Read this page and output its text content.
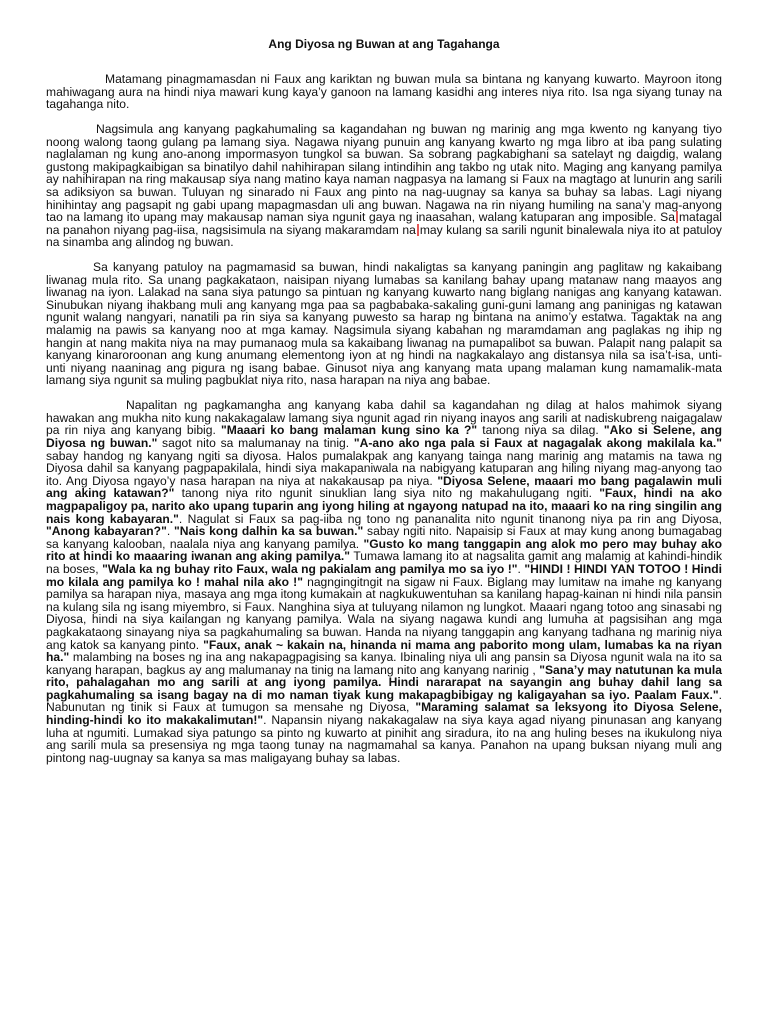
Ang Diyosa ng Buwan at ang Tagahanga

Matamang pinagmamasdan ni Faux ang kariktan ng buwan mula sa bintana ng kanyang kuwarto. Mayroon itong mahiwagang aura na hindi niya mawari kung kaya’y ganoon na lamang kasidhi ang interes niya rito. Isa nga siyang tunay na tagahanga nito.

Nagsimula ang kanyang pagkahumaling sa kagandahan ng buwan ng marinig ang mga kwento ng kanyang tiyo noong walong taong gulang pa lamang siya. Nagawa niyang punuin ang kanyang kwarto ng mga libro at iba pang sulating naglalaman ng kung ano-anong impormasyon tungkol sa buwan. Sa sobrang pagkabighani sa satelayt ng daigdig, walang gustong makipagkaibigan sa binatilyo dahil nahihirapan silang intindihin ang takbo ng utak nito. Maging ang kanyang pamilya ay nahihirapan na ring makausap siya nang matino kaya naman nagpasya na lamang si Faux na magtago at lunurin ang sarili sa adiksiyon sa buwan. Tuluyan ng sinarado ni Faux ang pinto na nag-uugnay sa kanya sa buhay sa labas. Lagi niyang hinihintay ang pagsapit ng gabi upang mapagmasdan uli ang buwan. Nagawa na rin niyang humiling na sana’y mag-anyong tao na lamang ito upang may makausap naman siya ngunit gaya ng inaasahan, walang katuparan ang imposible. Sa matagal na panahon niyang pag-iisa, nagsisimula na siyang makaramdam na may kulang sa sarili ngunit binalewala niya ito at patuloy na sinamba ang alindog ng buwan.

Sa kanyang patuloy na pagmamasid sa buwan, hindi nakaligtas sa kanyang paningin ang paglitaw ng kakaibang liwanag mula rito. Sa unang pagkakataon, naisipan niyang lumabas sa kanilang bahay upang matanaw nang maayos ang liwanag na iyon. Lalakad na sana siya patungo sa pintuan ng kanyang kuwarto nang biglang nanigas ang kanyang katawan. Sinubukan niyang ihakbang muli ang kanyang mga paa sa pagbabaka-sakaling guni-guni lamang ang paninigas ng katawan ngunit walang nangyari, nanatili pa rin siya sa kanyang puwesto sa harap ng bintana na animo’y estatwa. Tagaktak na ang malamig na pawis sa kanyang noo at mga kamay. Nagsimula siyang kabahan ng maramdaman ang paglakas ng ihip ng hangin at nang makita niya na may pumanaog mula sa kakaibang liwanag na pumapalibot sa buwan. Palapit nang palapit sa kanyang kinaroroonan ang kung anumang elementong iyon at ng hindi na nagkakalayo ang distansya nila sa isa’t-isa, unti-unti niyang naaninag ang pigura ng isang babae. Ginusot niya ang kanyang mata upang malaman kung namamalik-mata lamang siya ngunit sa muling pagbuklat niya rito, nasa harapan na niya ang babae.

Napalitan ng pagkamangha ang kanyang kaba dahil sa kagandahan ng dilag at halos mahimok siyang hawakan ang mukha nito kung nakakagalaw lamang siya ngunit agad rin niyang inayos ang sarili at nadiskubreng naigagalaw pa rin niya ang kanyang bibig. "Maaari ko bang malaman kung sino ka ?" tanong niya sa dilag. "Ako si Selene, ang Diyosa ng buwan." sagot nito sa malumanay na tinig. "A-ano ako nga pala si Faux at nagagalak akong makilala ka." sabay handog ng kanyang ngiti sa diyosa. Halos pumalakpak ang kanyang tainga nang marinig ang matamis na tawa ng Diyosa dahil sa kanyang pagpapakilala, hindi siya makapaniwala na nabigyang katuparan ang hiling niyang mag-anyong tao ito. Ang Diyosa ngayo’y nasa harapan na niya at nakakausap pa niya. "Diyosa Selene, maaari mo bang pagalawin muli ang aking katawan?" tanong niya rito ngunit sinuklian lang siya nito ng makahulugang ngiti. "Faux, hindi na ako magpapaligoy pa, narito ako upang tuparin ang iyong hiling at ngayong natupad na ito, maaari ko na ring singilin ang nais kong kabayaran.". Nagulat si Faux sa pag-iiba ng tono ng pananalita nito ngunit tinanong niya pa rin ang Diyosa, "Anong kabayaran?". "Nais kong dalhin ka sa buwan." sabay ngiti nito. Napaisip si Faux at may kung anong bumagabag sa kanyang kalooban, naalala niya ang kanyang pamilya. "Gusto ko mang tanggapin ang alok mo pero may buhay ako rito at hindi ko maaaring iwanan ang aking pamilya." Tumawa lamang ito at nagsalita gamit ang malamig at kahindi-hindik na boses, "Wala ka ng buhay rito Faux, wala ng pakialam ang pamilya mo sa iyo !". "HINDI ! HINDI YAN TOTOO ! Hindi mo kilala ang pamilya ko ! mahal nila ako !" nagngingitngit na sigaw ni Faux. Biglang may lumitaw na imahe ng kanyang pamilya sa harapan niya, masaya ang mga itong kumakain at nagkukuwentuhan sa kanilang hapag-kainan ni hindi nila pansin na kulang sila ng isang miyembro, si Faux. Nanghina siya at tuluyang nilamon ng lungkot. Maaari ngang totoo ang sinasabi ng Diyosa, hindi na siya kailangan ng kanyang pamilya. Wala na siyang nagawa kundi ang lumuha at pagsisihan ang mga pagkakataong sinayang niya sa pagkahumaling sa buwan. Handa na niyang tanggapin ang kanyang tadhana ng marinig niya ang katok sa kanyang pinto. "Faux, anak ~ kakain na, hinanda ni mama ang paborito mong ulam, lumabas ka na riyan ha." malambing na boses ng ina ang nakapagpagising sa kanya. Ibinaling niya uli ang pansin sa Diyosa ngunit wala na ito sa kanyang harapan, bagkus ay ang malumanay na tinig na lamang nito ang kanyang narinig , "Sana’y may natutunan ka mula rito, pahalagahan mo ang sarili at ang iyong pamilya. Hindi nararapat na sayangin ang buhay dahil lang sa pagkahumaling sa isang bagay na di mo naman tiyak kung makapagbibigay ng kaligayahan sa iyo. Paalam Faux.". Nabunutan ng tinik si Faux at tumugon sa mensahe ng Diyosa, "Maraming salamat sa leksyong ito Diyosa Selene, hinding-hindi ko ito makakalimutan!". Napansin niyang nakakagalaw na siya kaya agad niyang pinunasan ang kanyang luha at ngumiti. Lumakad siya patungo sa pinto ng kuwarto at pinihit ang siradura, ito na ang huling beses na ikukulong niya ang sarili mula sa presensiya ng mga taong tunay na nagmamahal sa kanya. Panahon na upang buksan niyang muli ang pintong nag-uugnay sa kanya sa mas maligayang buhay sa labas.
